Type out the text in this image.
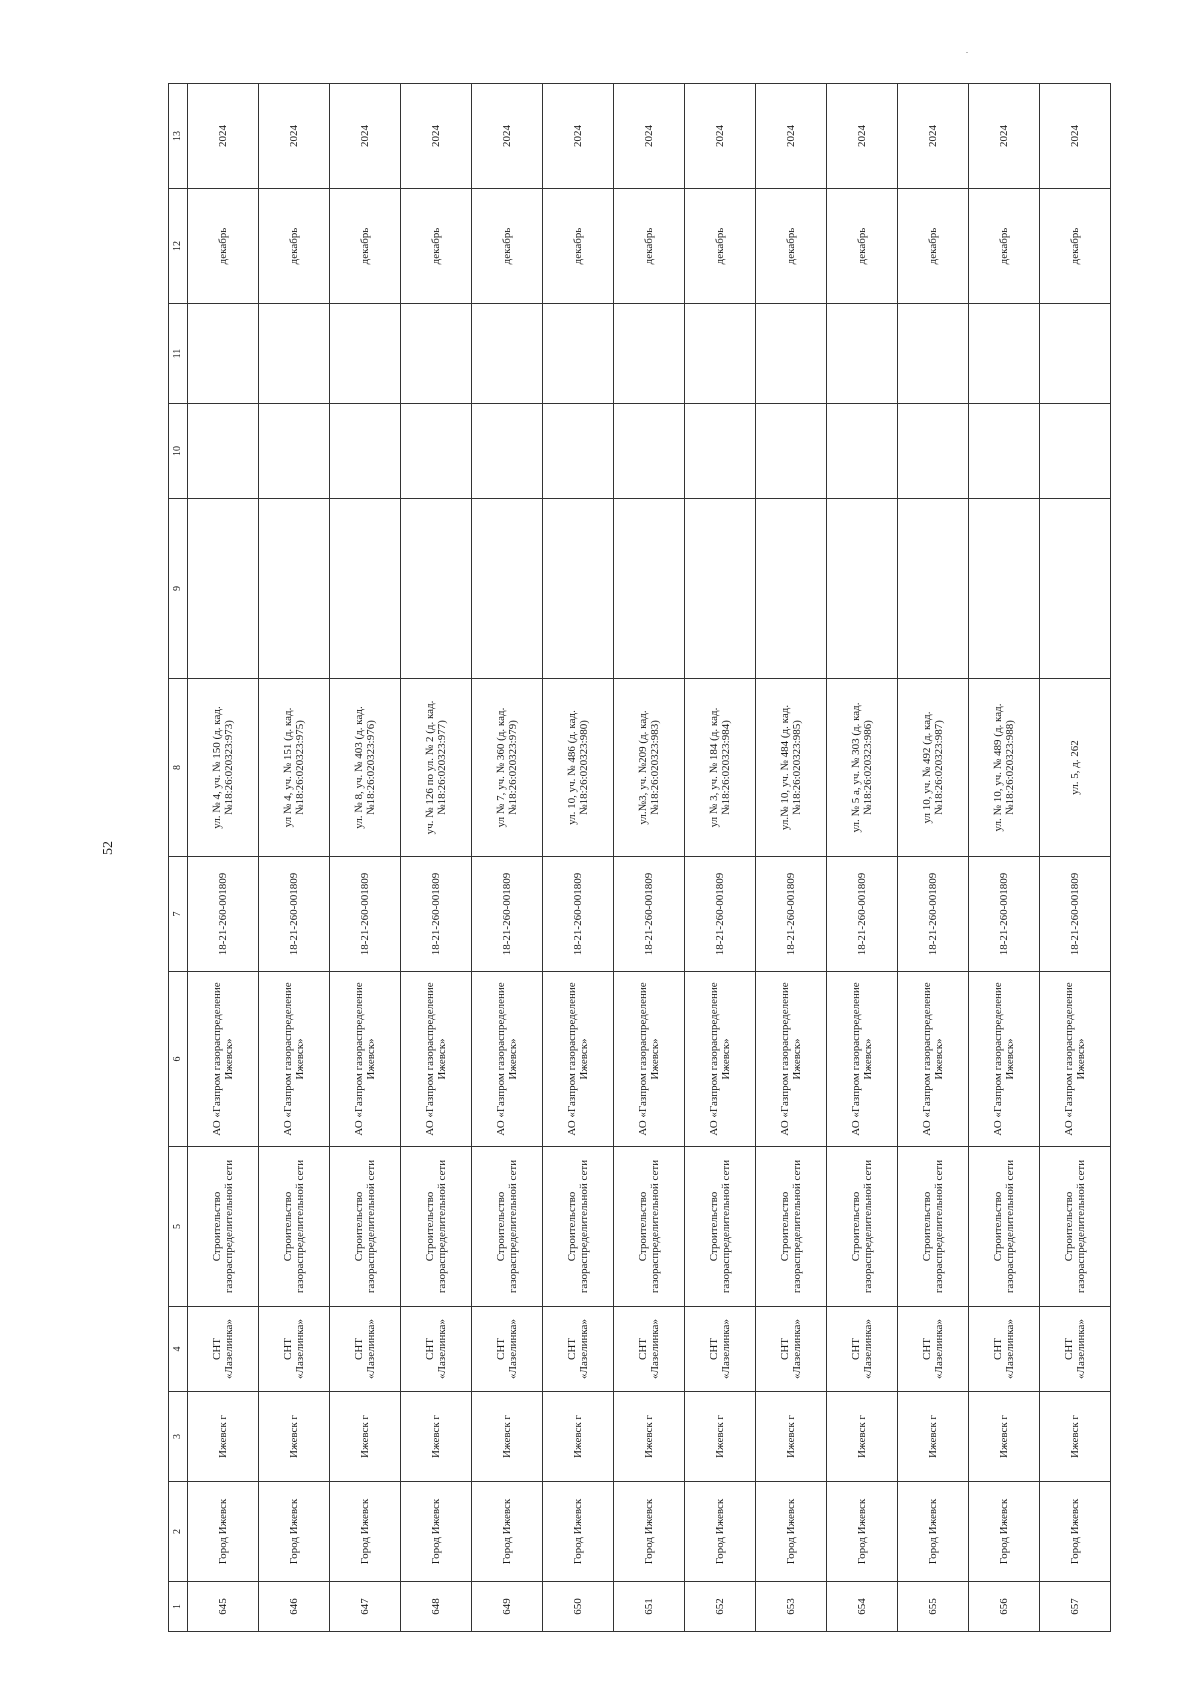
52
1	2	3	4	5	6	7	8	9	10	11	12	13
645	Город Ижевск	Ижевск г	СНТ «Лазелинка»	Строительство газораспределительной сети	АО «Газпром газораспределение Ижевск»	18-21-260-001809	ул. № 4, уч. № 150 (д. кад.№18:26:020323:973)				декабрь	2024
646	Город Ижевск	Ижевск г	СНТ «Лазелинка»	Строительство газораспределительной сети	АО «Газпром газораспределение Ижевск»	18-21-260-001809	ул № 4, уч. № 151 (д. кад.№18:26:020323:975)				декабрь	2024
647	Город Ижевск	Ижевск г	СНТ «Лазелинка»	Строительство газораспределительной сети	АО «Газпром газораспределение Ижевск»	18-21-260-001809	ул. № 8, уч. № 403 (д. кад.№18:26:020323:976)				декабрь	2024
648	Город Ижевск	Ижевск г	СНТ «Лазелинка»	Строительство газораспределительной сети	АО «Газпром газораспределение Ижевск»	18-21-260-001809	уч. № 126 по ул. № 2 (д. кад.№18:26:020323:977)				декабрь	2024
649	Город Ижевск	Ижевск г	СНТ «Лазелинка»	Строительство газораспределительной сети	АО «Газпром газораспределение Ижевск»	18-21-260-001809	ул № 7, уч. № 360 (д. кад.№18:26:020323:979)				декабрь	2024
650	Город Ижевск	Ижевск г	СНТ «Лазелинка»	Строительство газораспределительной сети	АО «Газпром газораспределение Ижевск»	18-21-260-001809	ул. 10, уч. № 486 (д. кад.№18:26:020323:980)				декабрь	2024
651	Город Ижевск	Ижевск г	СНТ «Лазелинка»	Строительство газораспределительной сети	АО «Газпром газораспределение Ижевск»	18-21-260-001809	ул.№3, уч. №209 (д. кад.№18:26:020323:983)				декабрь	2024
652	Город Ижевск	Ижевск г	СНТ «Лазелинка»	Строительство газораспределительной сети	АО «Газпром газораспределение Ижевск»	18-21-260-001809	ул № 3, уч. № 184 (д. кад.№18:26:020323:984)				декабрь	2024
653	Город Ижевск	Ижевск г	СНТ «Лазелинка»	Строительство газораспределительной сети	АО «Газпром газораспределение Ижевск»	18-21-260-001809	ул.№ 10, уч. № 484 (д. кад.№18:26:020323:985)				декабрь	2024
654	Город Ижевск	Ижевск г	СНТ «Лазелинка»	Строительство газораспределительной сети	АО «Газпром газораспределение Ижевск»	18-21-260-001809	ул. № 5 а, уч. № 303 (д. кад.№18:26:020323:986)				декабрь	2024
655	Город Ижевск	Ижевск г	СНТ «Лазелинка»	Строительство газораспределительной сети	АО «Газпром газораспределение Ижевск»	18-21-260-001809	ул 10, уч. № 492 (д. кад.№18:26:020323:987)				декабрь	2024
656	Город Ижевск	Ижевск г	СНТ «Лазелинка»	Строительство газораспределительной сети	АО «Газпром газораспределение Ижевск»	18-21-260-001809	ул. № 10, уч. № 489 (д. кад.№18:26:020323:988)				декабрь	2024
657	Город Ижевск	Ижевск г	СНТ «Лазелинка»	Строительство газораспределительной сети	АО «Газпром газораспределение Ижевск»	18-21-260-001809	ул. 5, д. 262				декабрь	2024
